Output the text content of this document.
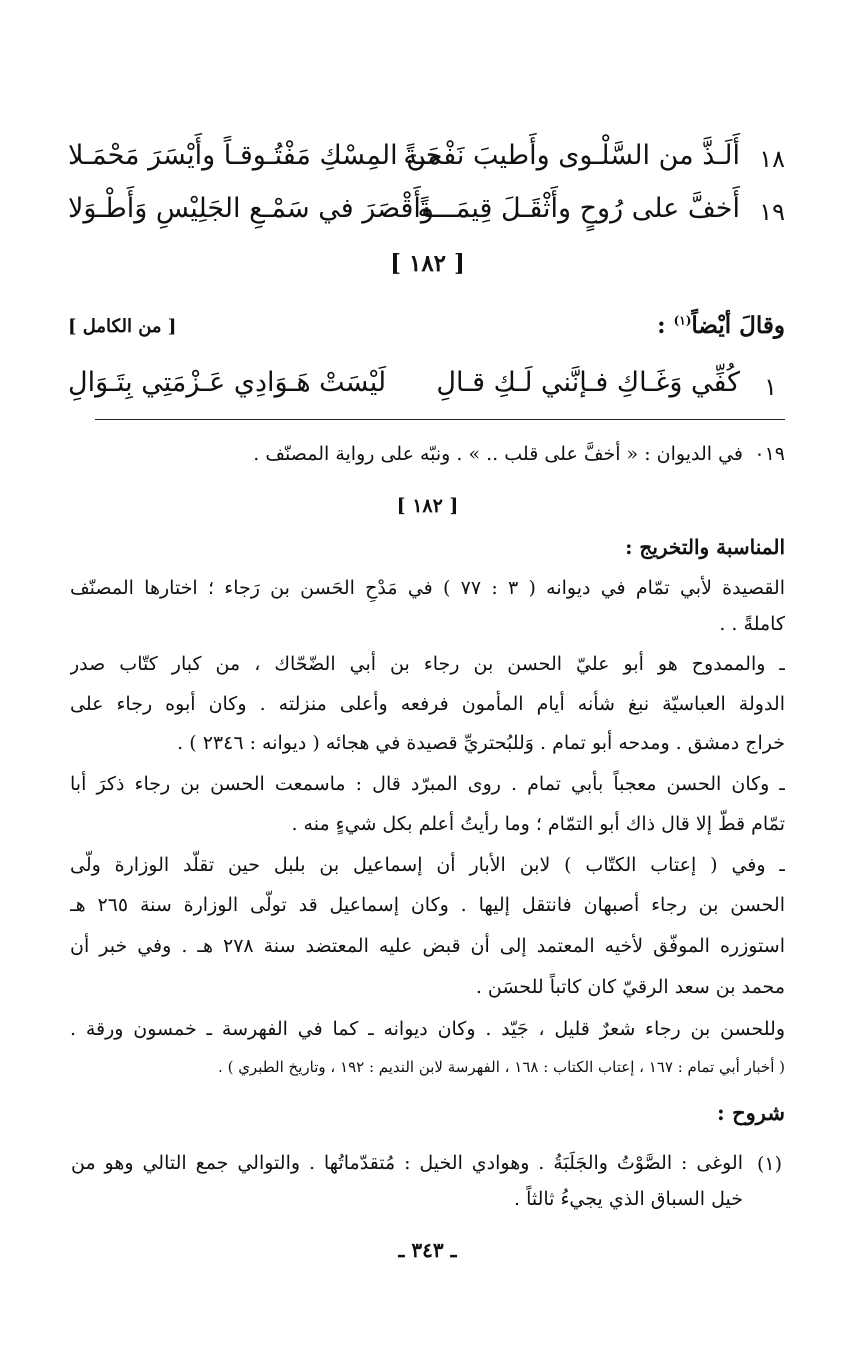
١٨
أَلَـذَّ من السَّلْـوى وأَطيبَ نَفْحَـةً
من المِسْكِ مَفْتُـوقـاً وأَيْسَرَ مَحْمَـلا
١٩
أَخفَّ على رُوحٍ وأَثْقَـلَ قِيمَـــةً
وأَقْصَرَ في سَمْـعِ الجَلِيْسِ وَأَطْـوَلا
[ ١٨٢ ]
وقالَ أيْضاً$^{(١)}$ :
[ من الكامل ]
١
كُفِّي وَغَـاكِ فـإنَّني لَـكِ قـالِ
لَيْسَتْ هَـوَادِي عَـزْمَتِي بِتَـوَالِ
٠١٩
في الديوان : « أخفَّ على قلب .. » . ونبّه على رواية المصنّف .
[ ١٨٢ ]
المناسبة والتخريج :
القصيدة لأبي تمّام في ديوانه ( ٣ : ٧٧ ) في مَدْحِ الحَسن بن رَجاء ؛ اختارها المصنّف
كاملةً . .
ـ والممدوح هو أبو عليّ الحسن بن رجاء بن أبي الضّحّاك ، من كبار كتّاب صدر
الدولة العباسيّة نبغ شأنه أيام المأمون فرفعه وأعلى منزلته . وكان أبوه رجاء على
خراج دمشق . ومدحه أبو تمام . وَللبُحتريِّ قصيدة في هجائه ( ديوانه : ٢٣٤٦ ) .
ـ وكان الحسن معجباً بأبي تمام . روى المبرّد قال : ماسمعت الحسن بن رجاء ذكرَ أبا
تمّام قطّ إلا قال ذاك أبو التمّام ؛ وما رأيتُ أعلم بكل شيءٍ منه .
ـ وفي ( إعتاب الكتّاب ) لابن الأبار أن إسماعيل بن بلبل حين تقلّد الوزارة ولّى
الحسن بن رجاء أصبهان فانتقل إليها . وكان إسماعيل قد تولّى الوزارة سنة ٢٦٥ هـ
استوزره الموفّق لأخيه المعتمد إلى أن قبض عليه المعتضد سنة ٢٧٨ هـ . وفي خبر أن
محمد بن سعد الرقيّ كان كاتباً للحسَن .
وللحسن بن رجاء شعرٌ قليل ، جَيّد . وكان ديوانه ـ كما في الفهرسة ـ خمسون ورقة .
( أخبار أبي تمام : ١٦٧ ، إعتاب الكتاب : ١٦٨ ، الفهرسة لابن النديم : ١٩٢ ، وتاريخ الطبري ) .
شروح :
(١)
الوغى : الصَّوْتُ والجَلَبَةُ . وهوادي الخيل : مُتقدّماتُها . والتوالي جمع التالي وهو من
خيل السباق الذي يجيءُ ثالثاً .
ـ ٣٤٣ ـ
